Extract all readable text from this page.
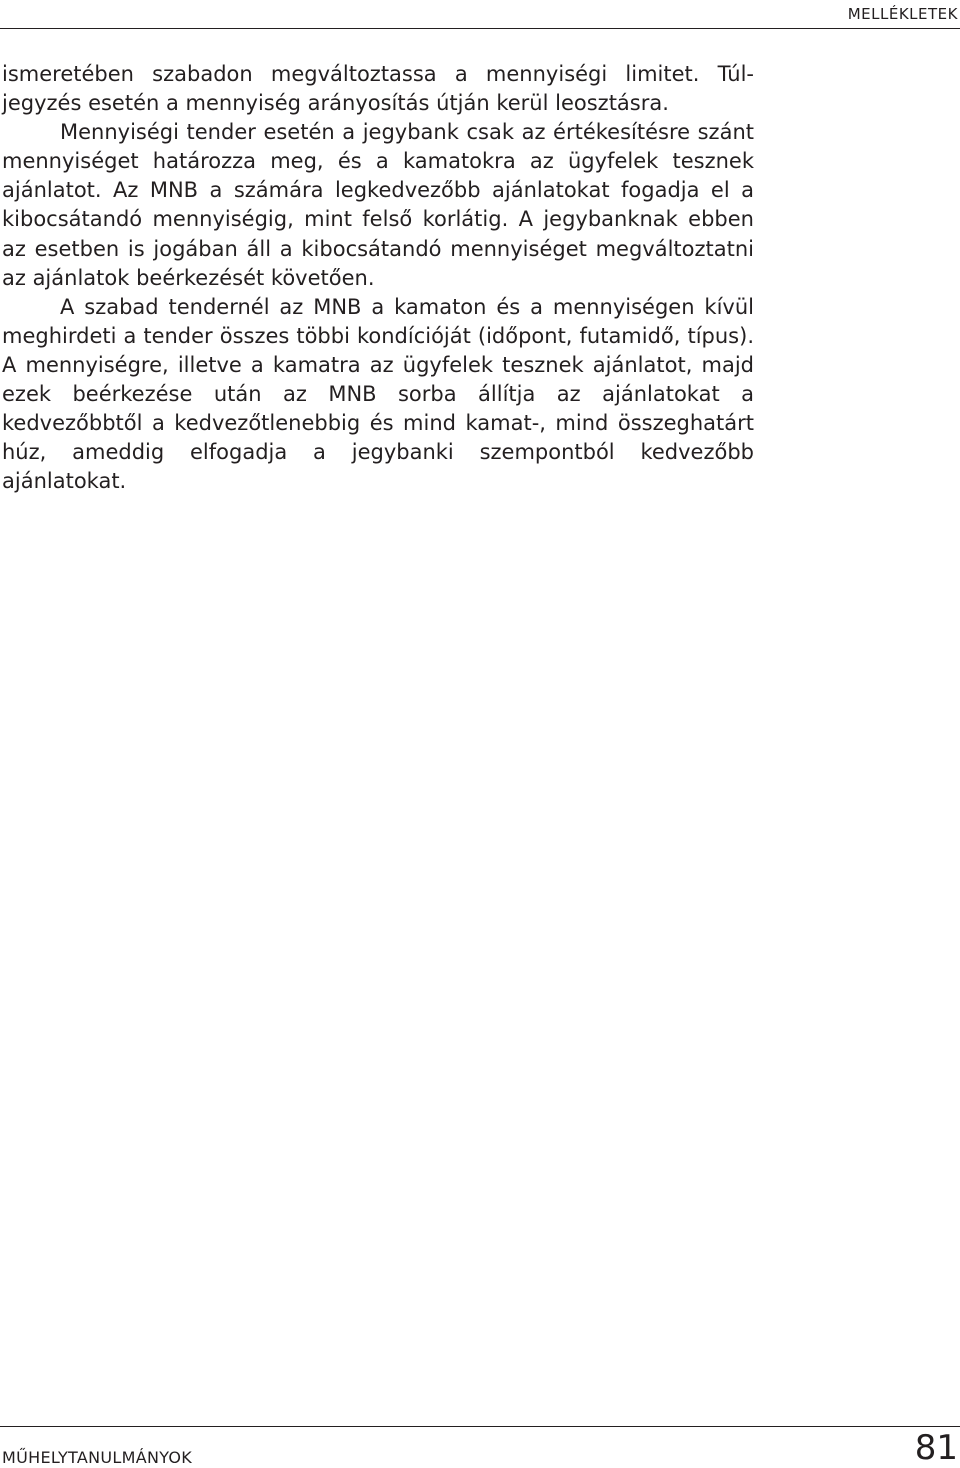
MELLÉKLETEK

ismeretében szabadon megváltoztassa a mennyiségi limitet. Túljegyzés esetén a mennyiség arányosítás útján kerül leosztásra.

Mennyiségi tender esetén a jegybank csak az értékesítésre szánt mennyiséget határozza meg, és a kamatokra az ügyfelek tesznek ajánlatot. Az MNB a számára legkedvezőbb ajánlatokat fogadja el a kibocsátandó mennyiségig, mint felső korlátig. A jegybanknak ebben az esetben is jogában áll a kibocsátandó mennyiséget megváltoztatni az ajánlatok beérkezését követően.

A szabad tendernél az MNB a kamaton és a mennyiségen kívül meghirdeti a tender összes többi kondícióját (időpont, futamidő, típus). A mennyiségre, illetve a kamatra az ügyfelek tesznek ajánlatot, majd ezek beérkezése után az MNB sorba állítja az ajánlatokat a kedvezőbbtől a kedvezőtlenebbig és mind kamat-, mind összeghatárt húz, ameddig elfogadja a jegybanki szempontból kedvezőbb ajánlatokat.

MŰHELYTANULMÁNYOK	81
